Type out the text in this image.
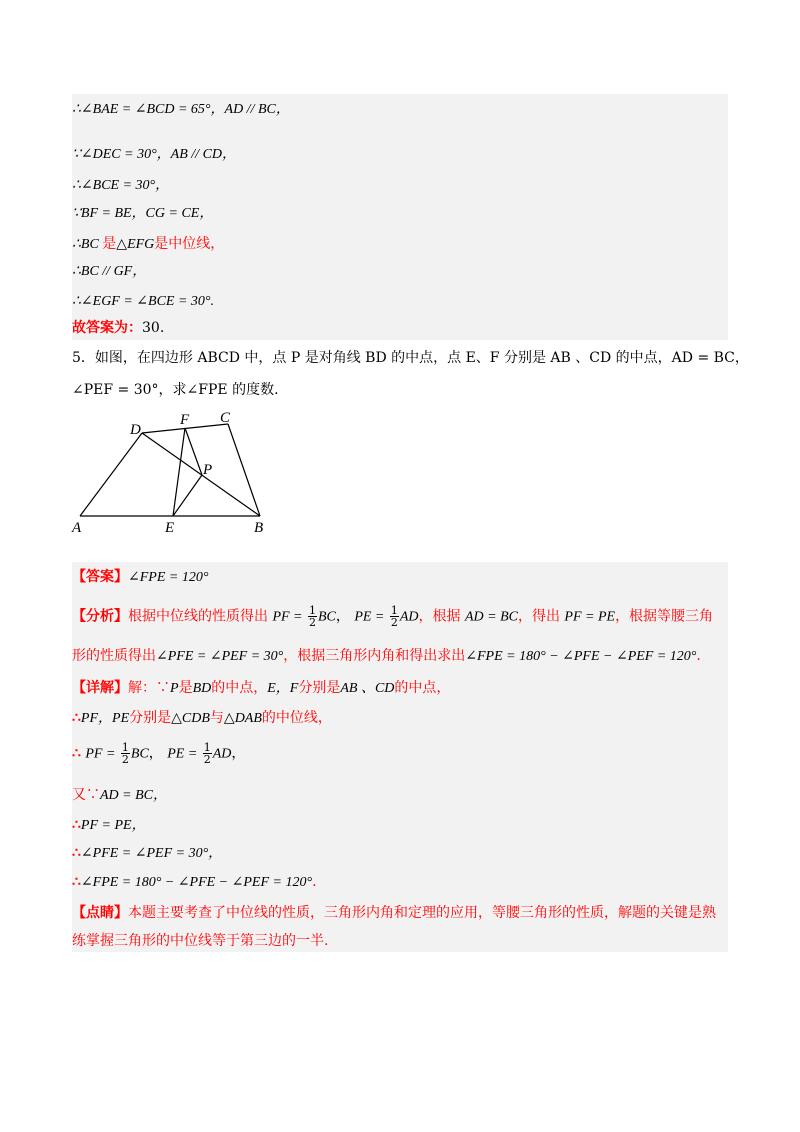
∴∠BAE = ∠BCD = 65°，AD // BC，
∵∠DEC = 30°，AB // CD，
∴∠BCE = 30°，
∵BF = BE，CG = CE，
∴BC 是△EFG是中位线，
∴BC // GF，
∴∠EGF = ∠BCE = 30°.
故答案为：30.
5．如图，在四边形 ABCD 中，点 P 是对角线 BD 的中点，点 E、F 分别是 AB 、CD 的中点，AD = BC，
∠PEF = 30°，求∠FPE 的度数.
A	B
C
D
E
F
P
【答案】∠FPE = 120°
【分析】根据中位线的性质得出 PF = $\frac{1}{2}$ BC， PE = $\frac{1}{2}$ AD，根据 AD = BC，得出 PF = PE，根据等腰三角
形的性质得出∠PFE = ∠PEF = 30°，根据三角形内角和得出求出∠FPE = 180° − ∠PFE − ∠PEF = 120°.
【详解】解：∵P是BD的中点，E，F分别是AB 、CD的中点，
∴PF，PE分别是△CDB与△DAB的中位线，
∴ PF = $\frac{1}{2}$ BC， PE = $\frac{1}{2}$ AD，
又∵AD = BC，
∴PF = PE，
∴∠PFE = ∠PEF = 30°，
∴∠FPE = 180° − ∠PFE − ∠PEF = 120°.
【点睛】本题主要考查了中位线的性质，三角形内角和定理的应用，等腰三角形的性质，解题的关键是熟
练掌握三角形的中位线等于第三边的一半.
